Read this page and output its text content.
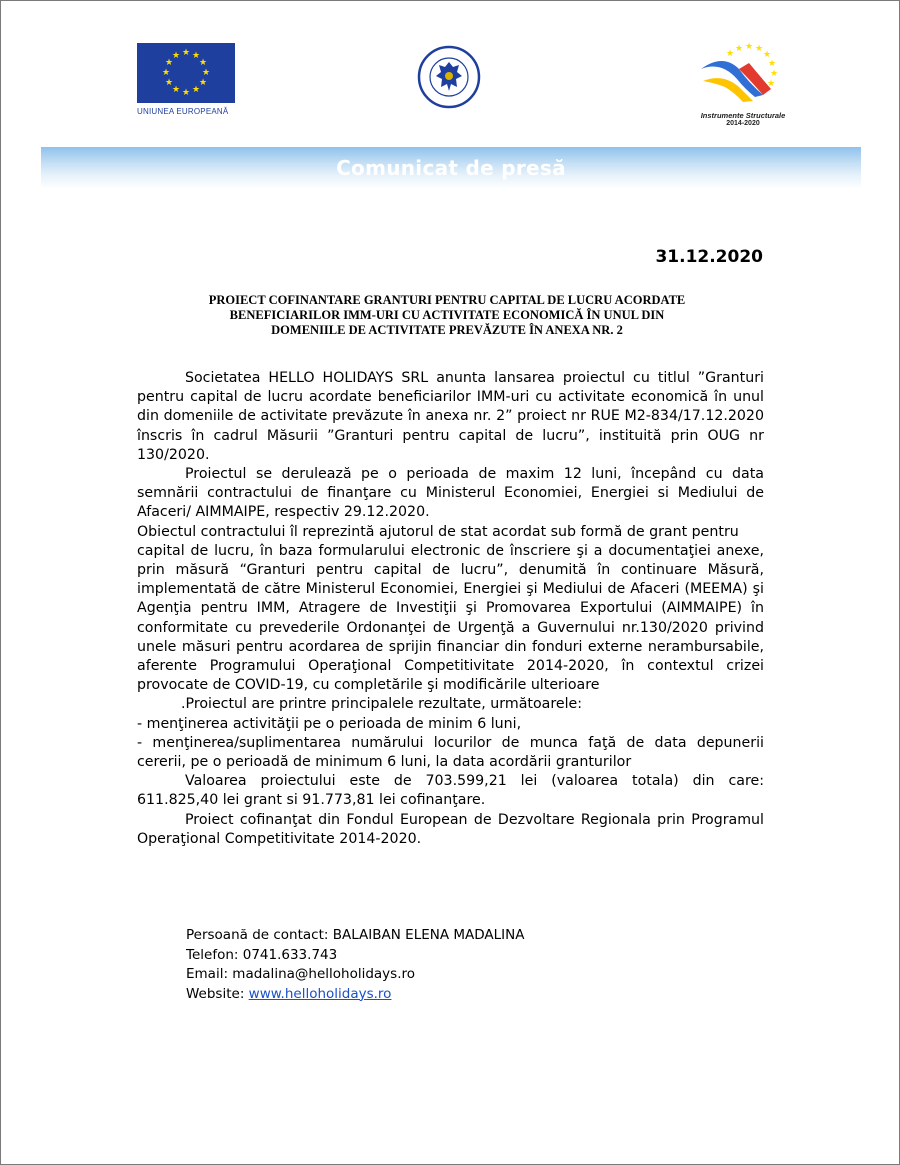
★ ★
★
★
★
★
★
★
★
★
★
★
UNIUNEA EUROPEANĂ
★ ★ ★
★
★
★
★
★
Instrumente Structurale
2014-2020
Comunicat de presă
31.12.2020
PROIECT COFINANTARE GRANTURI PENTRU CAPITAL DE LUCRU ACORDATE
BENEFICIARILOR IMM-URI CU ACTIVITATE ECONOMICĂ ÎN UNUL DIN
DOMENIILE DE ACTIVITATE PREVĂZUTE ÎN ANEXA NR. 2

Societatea HELLO HOLIDAYS SRL anunta lansarea proiectul cu titlul ”Granturi pentru capital de lucru acordate beneficiarilor IMM-uri cu activitate economică în unul din domeniile de activitate prevăzute în anexa nr. 2” proiect nr RUE M2-834/17.12.2020 înscris în cadrul Măsurii ”Granturi pentru capital de lucru”, instituită prin OUG nr 130/2020.

Proiectul se derulează pe o perioada de maxim 12 luni, începând cu data semnării contractului de finanţare cu Ministerul Economiei, Energiei si Mediului de Afaceri/ AIMMAIPE, respectiv 29.12.2020.

Obiectul contractului îl reprezintă ajutorul de stat acordat sub formă de grant pentru

capital de lucru, în baza formularului electronic de înscriere şi a documentaţiei anexe, prin măsură “Granturi pentru capital de lucru”, denumită în continuare Măsură, implementată de către Ministerul Economiei, Energiei şi Mediului de Afaceri (MEEMA) şi Agenţia pentru IMM, Atragere de Investiţii şi Promovarea Exportului (AIMMAIPE) în conformitate cu prevederile Ordonanţei de Urgenţă a Guvernului nr.130/2020 privind unele măsuri pentru acordarea de sprijin financiar din fonduri externe nerambursabile, aferente Programului Operaţional Competitivitate 2014-2020, în contextul crizei provocate de COVID-19, cu completările şi modificările ulterioare

.Proiectul are printre principalele rezultate, următoarele:

- menţinerea activităţii pe o perioada de minim 6 luni,

- menţinerea/suplimentarea numărului locurilor de munca faţă de data depunerii cererii, pe o perioadă de minimum 6 luni, la data acordării granturilor

Valoarea proiectului este de 703.599,21 lei (valoarea totala) din care: 611.825,40 lei grant si 91.773,81 lei cofinanţare.

Proiect cofinanţat din Fondul European de Dezvoltare Regionala prin Programul Operaţional Competitivitate 2014-2020.

Persoană de contact: BALAIBAN ELENA MADALINA
Telefon: 0741.633.743
Email: madalina@helloholidays.ro
Website: www.helloholidays.ro
